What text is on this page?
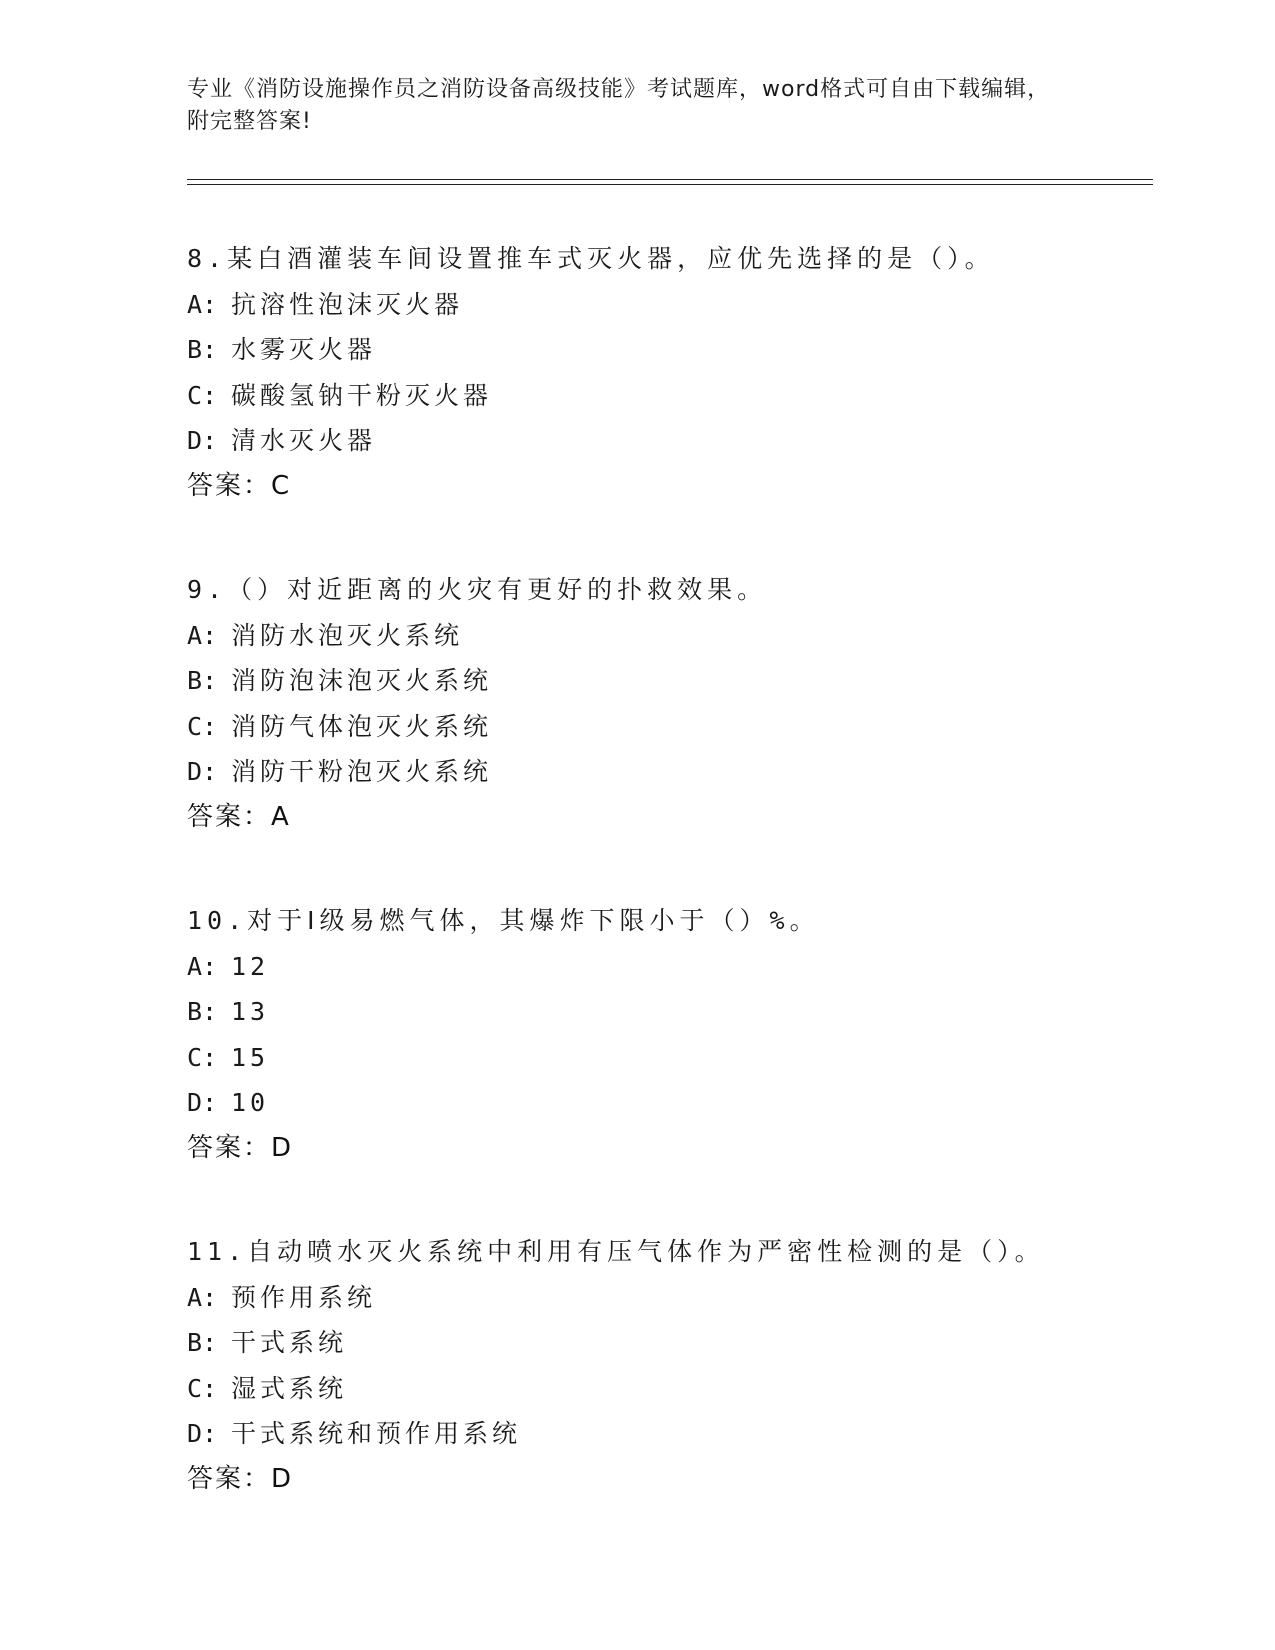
专业《消防设施操作员之消防设备高级技能》考试题库，word格式可自由下载编辑，附完整答案!
8.某白酒灌装车间设置推车式灭火器，应优先选择的是（）。
A: 抗溶性泡沫灭火器
B: 水雾灭火器
C: 碳酸氢钠干粉灭火器
D: 清水灭火器
答案：C
9.（）对近距离的火灾有更好的扑救效果。
A: 消防水泡灭火系统
B: 消防泡沫泡灭火系统
C: 消防气体泡灭火系统
D: 消防干粉泡灭火系统
答案：A
10.对于Ⅰ级易燃气体，其爆炸下限小于（）%。
A: 12
B: 13
C: 15
D: 10
答案：D
11.自动喷水灭火系统中利用有压气体作为严密性检测的是（）。
A: 预作用系统
B: 干式系统
C: 湿式系统
D: 干式系统和预作用系统
答案：D
